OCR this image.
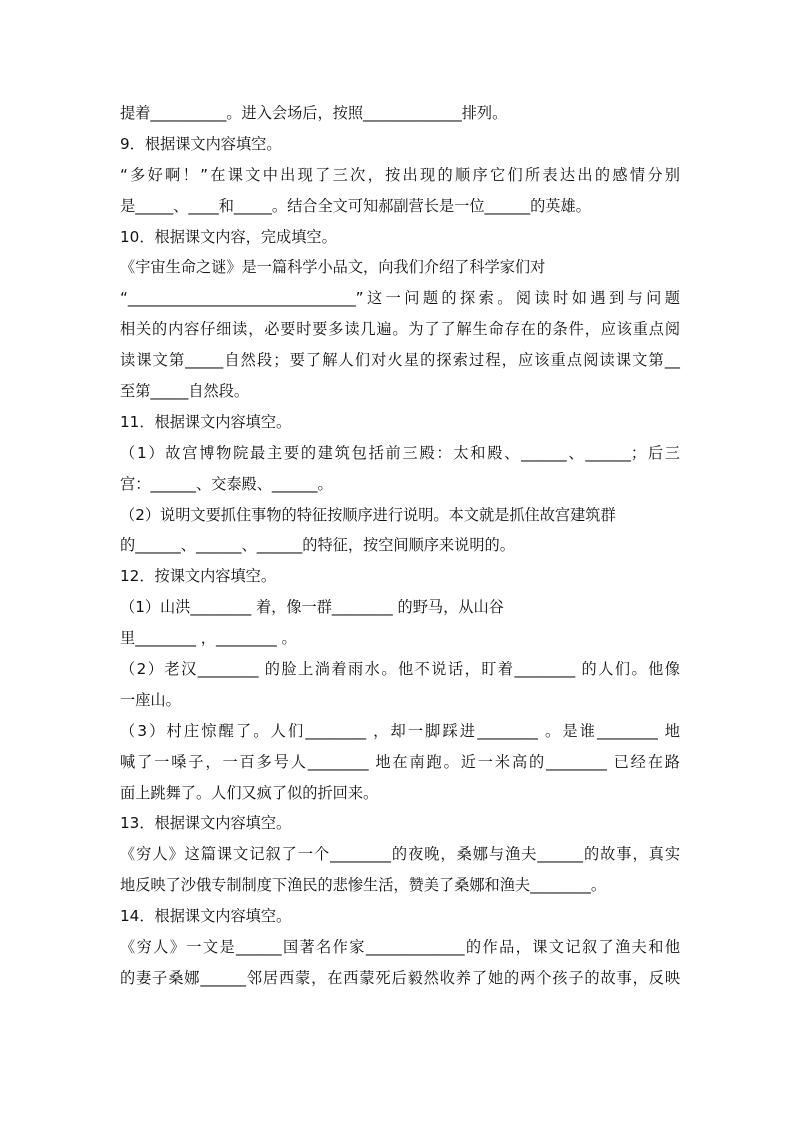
提着__________。进入会场后，按照_____________排列。
9．根据课文内容填空。
“多好啊！”在课文中出现了三次，按出现的顺序它们所表达出的感情分别
是_____、____和_____。结合全文可知郝副营长是一位______的英雄。
10．根据课文内容，完成填空。
《宇宙生命之谜》是一篇科学小品文，向我们介绍了科学家们对
“______________________________”这一问题的探索。阅读时如遇到与问题
相关的内容仔细读，必要时要多读几遍。为了了解生命存在的条件，应该重点阅
读课文第_____自然段；要了解人们对火星的探索过程，应该重点阅读课文第__
至第_____自然段。
11．根据课文内容填空。
（1）故宫博物院最主要的建筑包括前三殿：太和殿、______、______；后三
宫：______、交泰殿、______。
（2）说明文要抓住事物的特征按顺序进行说明。本文就是抓住故宫建筑群
的______、______、______的特征，按空间顺序来说明的。
12．按课文内容填空。
（1）山洪________ 着，像一群________ 的野马，从山谷
里________ ，________ 。
（2）老汉________ 的脸上淌着雨水。他不说话，盯着________ 的人们。他像
一座山。
（3）村庄惊醒了。人们________ ，却一脚踩进________ 。是谁________ 地
喊了一嗓子，一百多号人________ 地在南跑。近一米高的________ 已经在路
面上跳舞了。人们又疯了似的折回来。
13．根据课文内容填空。
《穷人》这篇课文记叙了一个________的夜晚，桑娜与渔夫______的故事，真实
地反映了沙俄专制制度下渔民的悲惨生活，赞美了桑娜和渔夫________。
14．根据课文内容填空。
《穷人》一文是______国著名作家_____________的作品，课文记叙了渔夫和他
的妻子桑娜______邻居西蒙，在西蒙死后毅然收养了她的两个孩子的故事，反映
